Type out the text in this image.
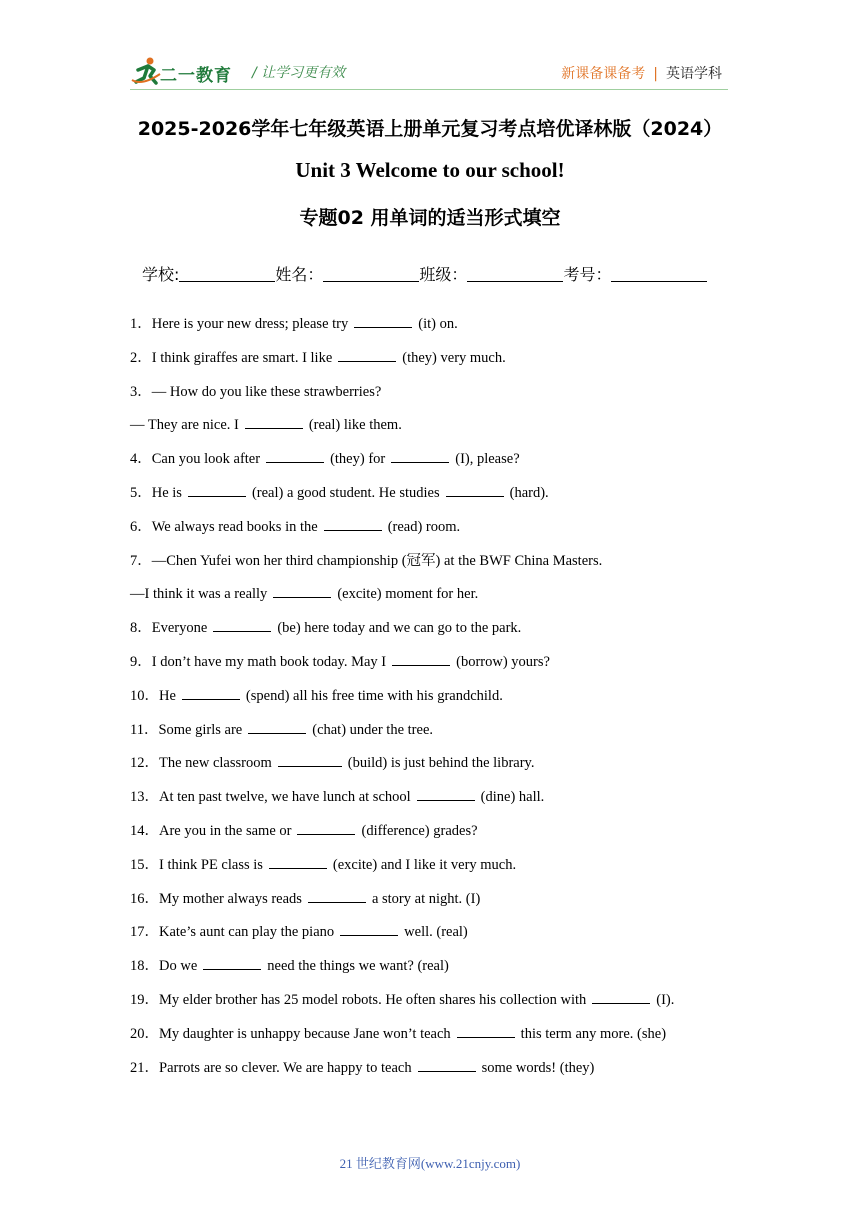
二一教育 / 让学习更有效	新课备课备考 | 英语学科
2025-2026学年七年级英语上册单元复习考点培优译林版（2024）
Unit 3 Welcome to our school!
专题02 用单词的适当形式填空
学校:	姓名：	班级：	考号：
1．Here is your new dress; please try	(it) on.
2．I think giraffes are smart. I like	(they) very much.
3．— How do you like these strawberries?
— They are nice. I	(real) like them.
4．Can you look after	(they) for	(I), please?
5．He is	(real) a good student. He studies	(hard).
6．We always read books in the	(read) room.
7．—Chen Yufei won her third championship (冠军) at the BWF China Masters.
—I think it was a really	(excite) moment for her.
8．Everyone	(be) here today and we can go to the park.
9．I don’t have my math book today. May I	(borrow) yours?
10．He	(spend) all his free time with his grandchild.
11．Some girls are	(chat) under the tree.
12．The new classroom	(build) is just behind the library.
13．At ten past twelve, we have lunch at school	(dine) hall.
14．Are you in the same or	(difference) grades?
15．I think PE class is	(excite) and I like it very much.
16．My mother always reads	a story at night. (I)
17．Kate’s aunt can play the piano	well. (real)
18．Do we	need the things we want? (real)
19．My elder brother has 25 model robots. He often shares his collection with	(I).
20．My daughter is unhappy because Jane won’t teach	this term any more. (she)
21．Parrots are so clever. We are happy to teach	some words! (they)
21 世纪教育网(www.21cnjy.com)
